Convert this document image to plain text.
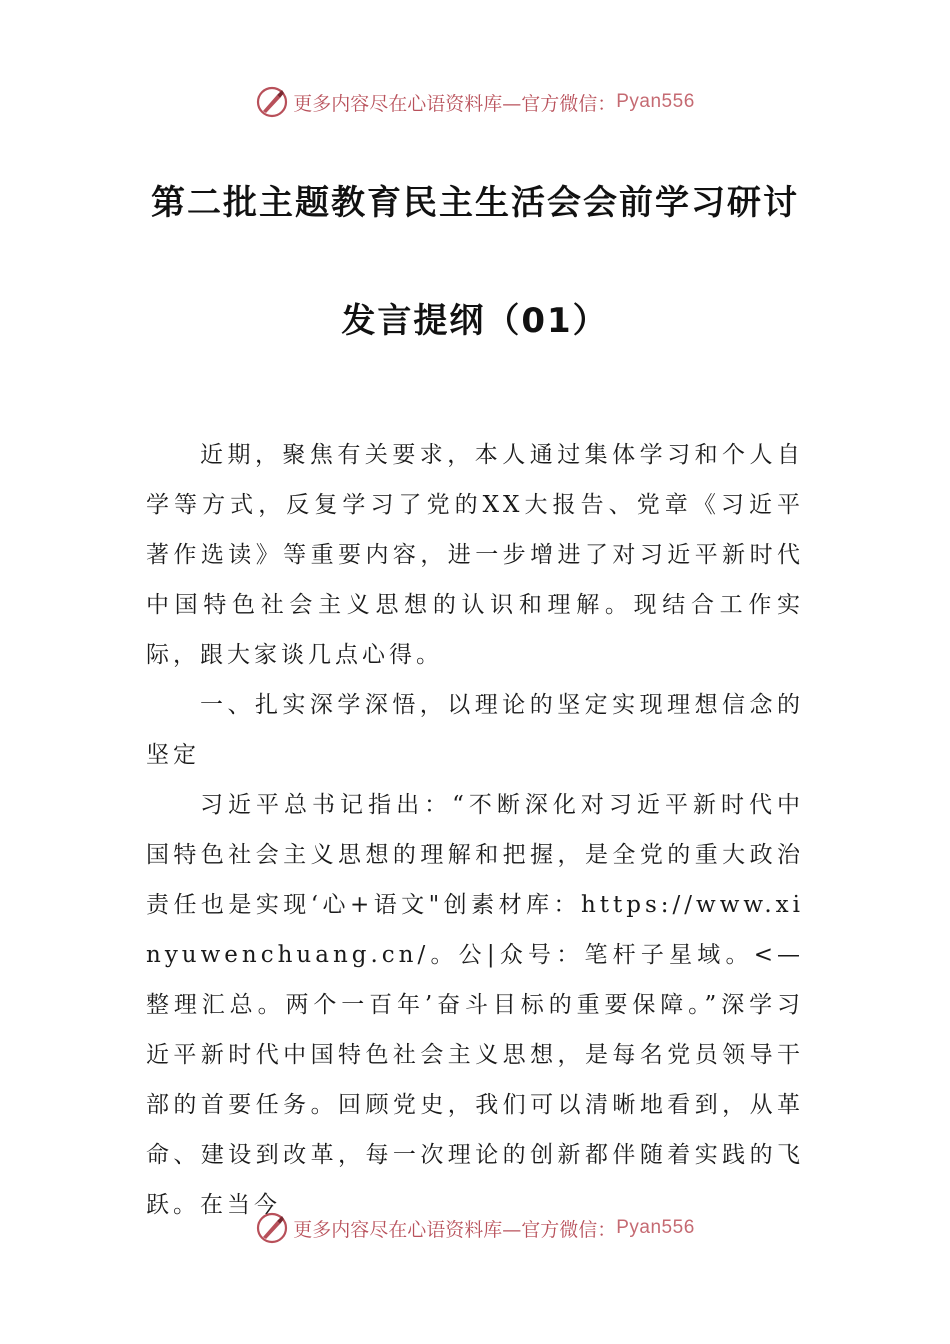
更多内容尽在心语资料库—官方微信： Pyan556
第二批主题教育民主生活会会前学习研讨
发言提纲（01）

近期，聚焦有关要求，本人通过集体学习和个人自学等方式，反复学习了党的XX大报告、党章《习近平著作选读》等重要内容，进一步增进了对习近平新时代中国特色社会主义思想的认识和理解。现结合工作实际，跟大家谈几点心得。

一、扎实深学深悟，以理论的坚定实现理想信念的坚定

习近平总书记指出：“不断深化对习近平新时代中国特色社会主义思想的理解和把握，是全党的重大政治责任也是实现‘心+语文"创素材库：https://www.xinyuwenchuang.cn/。公|众号：笔杆子星域。<—整理汇总。两个一百年’奋斗目标的重要保障。”深学习近平新时代中国特色社会主义思想，是每名党员领导干部的首要任务。回顾党史，我们可以清晰地看到，从革命、建设到改革，每一次理论的创新都伴随着实践的飞跃。在当今

更多内容尽在心语资料库—官方微信： Pyan556
